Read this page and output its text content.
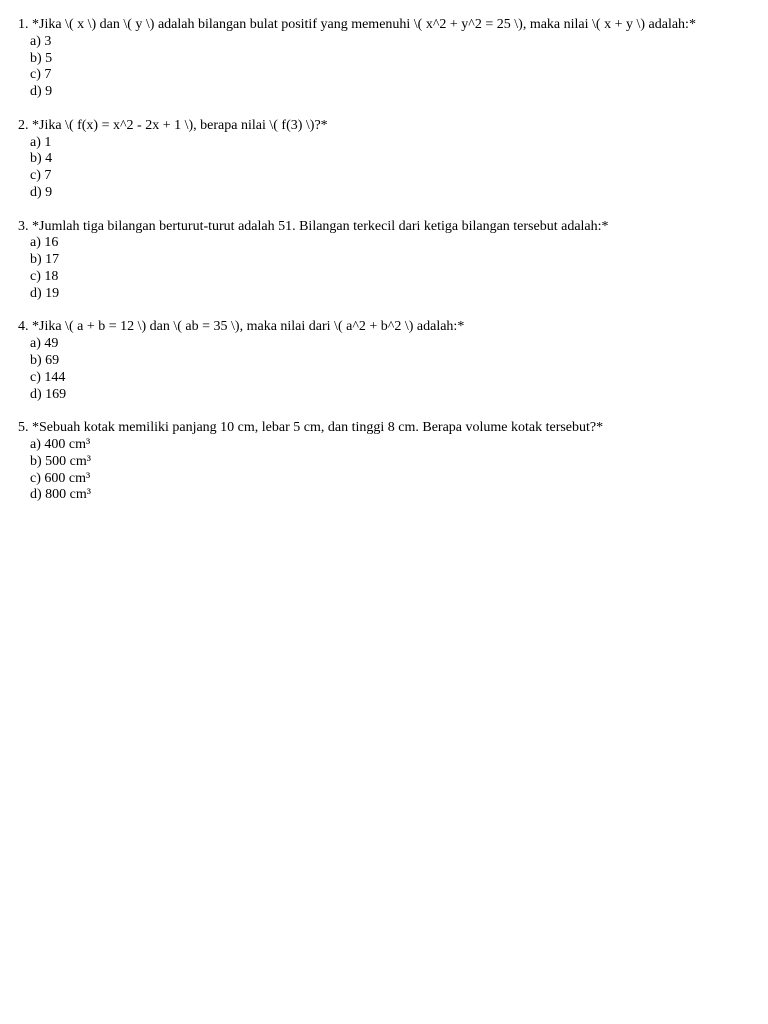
1. *Jika \( x \) dan \( y \) adalah bilangan bulat positif yang memenuhi \( x^2 + y^2 = 25 \), maka nilai \( x + y \) adalah:*
a) 3
b) 5
c) 7
d) 9
2. *Jika \( f(x) = x^2 - 2x + 1 \), berapa nilai \( f(3) \)?*
a) 1
b) 4
c) 7
d) 9
3. *Jumlah tiga bilangan berturut-turut adalah 51. Bilangan terkecil dari ketiga bilangan tersebut adalah:*
a) 16
b) 17
c) 18
d) 19
4. *Jika \( a + b = 12 \) dan \( ab = 35 \), maka nilai dari \( a^2 + b^2 \) adalah:*
a) 49
b) 69
c) 144
d) 169
5. *Sebuah kotak memiliki panjang 10 cm, lebar 5 cm, dan tinggi 8 cm. Berapa volume kotak tersebut?*
a) 400 cm³
b) 500 cm³
c) 600 cm³
d) 800 cm³
